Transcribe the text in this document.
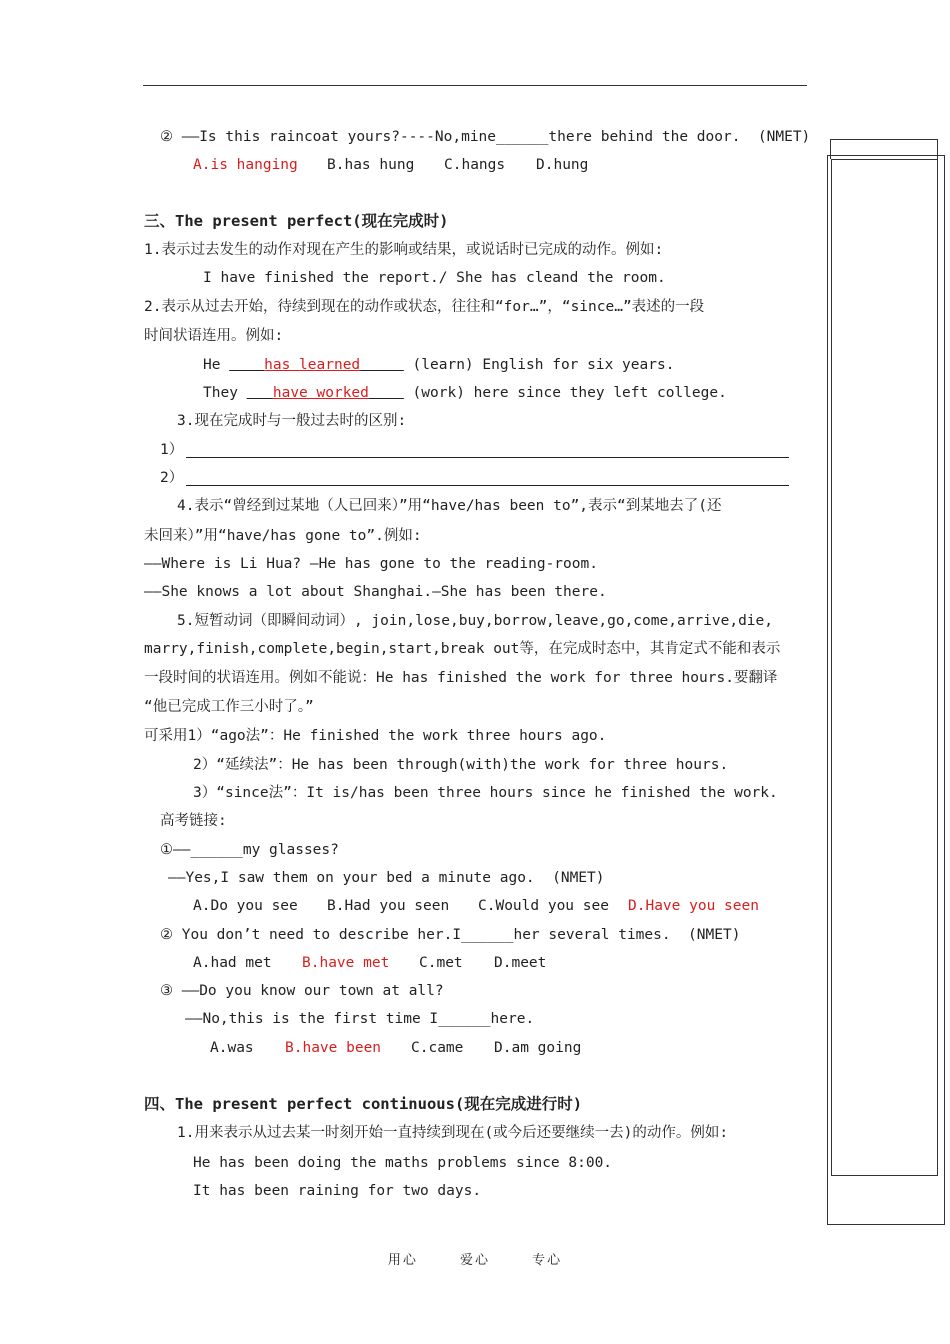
② ——Is this raincoat yours?----No,mine______there behind the door.  (NMET)
A.is hanging B.has hung C.hangs D.hung
三、The present perfect(现在完成时)
1.表示过去发生的动作对现在产生的影响或结果，或说话时已完成的动作。例如:
I have finished the report./ She has cleand the room.
2.表示从过去开始，待续到现在的动作或状态，往往和“for…”，“since…”表述的一段
时间状语连用。例如:
He     has learned	(learn) English for six years.
They    have worked     (work) here since they left college.
3.现在完成时与一般过去时的区别:
1）
2）
4.表示“曾经到过某地（人已回来）”用“have/has been to”,表示“到某地去了(还
未回来）”用“have/has gone to”.例如:
——Where is Li Hua? —He has gone to the reading-room.
——She knows a lot about Shanghai.—She has been there.
5.短暂动词（即瞬间动词）, join,lose,buy,borrow,leave,go,come,arrive,die,
marry,finish,complete,begin,start,break out等，在完成时态中，其肯定式不能和表示
一段时间的状语连用。例如不能说：He has finished the work for three hours.要翻译
“他已完成工作三小时了。”
可采用1）“ago法”：He finished the work three hours ago.
2）“延续法”：He has been through(with)the work for three hours.
3）“since法”：It is/has been three hours since he finished the work.
高考链接:
①——______my glasses?
——Yes,I saw them on your bed a minute ago.  (NMET)
A.Do you see B.Had you seen C.Would you see D.Have you seen
② You don’t need to describe her.I______her several times.  (NMET)
A.had met B.have met C.met D.meet
③ ——Do you know our town at all?
——No,this is the first time I______here.
A.was B.have been C.came D.am going
四、The present perfect continuous(现在完成进行时)
1.用来表示从过去某一时刻开始一直持续到现在(或今后还要继续一去)的动作。例如:
He has been doing the maths problems since 8:00.
It has been raining for two days.
用心	爱心	专心
